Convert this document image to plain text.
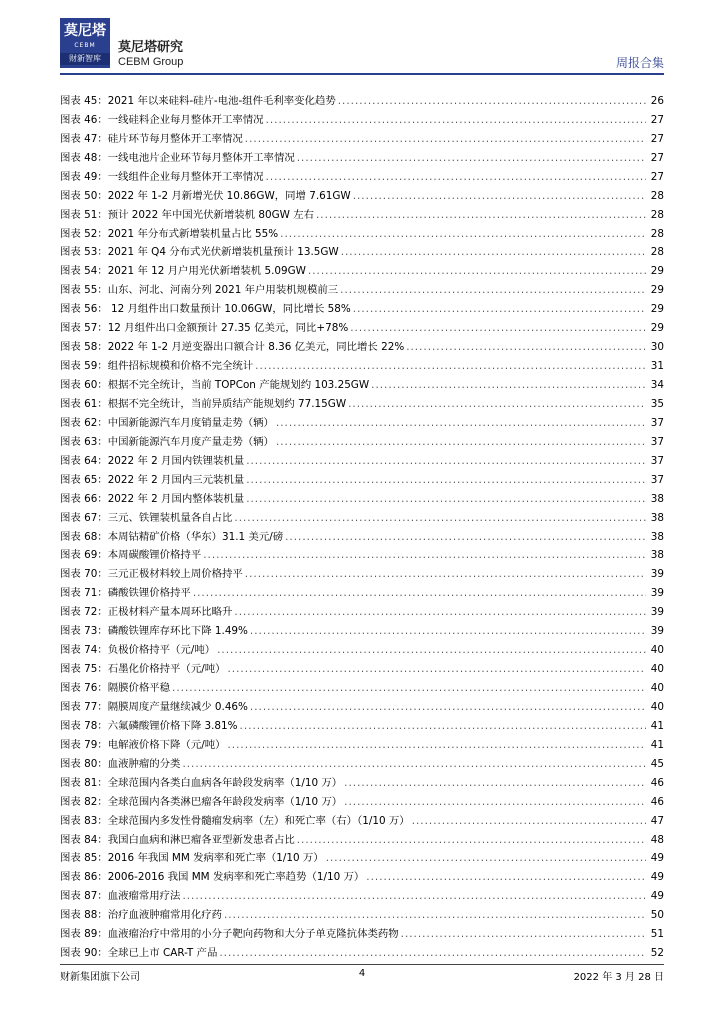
莫尼塔
CEBM
财新智库
莫尼塔研究
CEBM Group	周报合集
图表 45：2021 年以来硅料-硅片-电池-组件毛利率变化趋势 .....	26
图表 46：一线硅料企业每月整体开工率情况 .....	27
图表 47：硅片环节每月整体开工率情况 .....	27
图表 48：一线电池片企业环节每月整体开工率情况 .....	27
图表 49：一线组件企业每月整体开工率情况 .....	27
图表 50：2022 年 1-2 月新增光伏 10.86GW，同增 7.61GW .....	28
图表 51：预计 2022 年中国光伏新增装机 80GW 左右 .....	28
图表 52：2021 年分布式新增装机量占比 55% .....	28
图表 53：2021 年 Q4 分布式光伏新增装机量预计 13.5GW .....	28
图表 54：2021 年 12 月户用光伏新增装机 5.09GW .....	29
图表 55：山东、河北、河南分列 2021 年户用装机规模前三 .....	29
图表 56： 12 月组件出口数量预计 10.06GW，同比增长 58% .....	29
图表 57：12 月组件出口金额预计 27.35 亿美元，同比+78% .....	29
图表 58：2022 年 1-2 月逆变器出口额合计 8.36 亿美元，同比增长 22% .....	30
图表 59：组件招标规模和价格不完全统计 .....	31
图表 60：根据不完全统计，当前 TOPCon 产能规划约 103.25GW .....	34
图表 61：根据不完全统计，当前异质结产能规划约 77.15GW .....	35
图表 62：中国新能源汽车月度销量走势（辆） .....	37
图表 63：中国新能源汽车月度产量走势（辆） .....	37
图表 64：2022 年 2 月国内铁锂装机量 .....	37
图表 65：2022 年 2 月国内三元装机量 .....	37
图表 66：2022 年 2 月国内整体装机量 .....	38
图表 67：三元、铁锂装机量各自占比 .....	38
图表 68：本周钴精矿价格（华东）31.1 美元/磅 .....	38
图表 69：本周碳酸锂价格持平 .....	38
图表 70：三元正极材料较上周价格持平 .....	39
图表 71：磷酸铁锂价格持平 .....	39
图表 72：正极材料产量本周环比略升 .....	39
图表 73：磷酸铁锂库存环比下降 1.49% .....	39
图表 74：负极价格持平（元/吨） .....	40
图表 75：石墨化价格持平（元/吨） .....	40
图表 76：隔膜价格平稳 .....	40
图表 77：隔膜周度产量继续减少 0.46% .....	40
图表 78：六氟磷酸锂价格下降 3.81% .....	41
图表 79：电解液价格下降（元/吨） .....	41
图表 80：血液肿瘤的分类 .....	45
图表 81：全球范围内各类白血病各年龄段发病率（1/10 万） .....	46
图表 82：全球范围内各类淋巴瘤各年龄段发病率（1/10 万） .....	46
图表 83：全球范围内多发性骨髓瘤发病率（左）和死亡率（右）（1/10 万） .....	47
图表 84：我国白血病和淋巴瘤各亚型新发患者占比 .....	48
图表 85：2016 年我国 MM 发病率和死亡率（1/10 万） .....	49
图表 86：2006-2016 我国 MM 发病率和死亡率趋势（1/10 万） .....	49
图表 87：血液瘤常用疗法 .....	49
图表 88：治疗血液肿瘤常用化疗药 .....	50
图表 89：血液瘤治疗中常用的小分子靶向药物和大分子单克隆抗体类药物 .....	51
图表 90：全球已上市 CAR-T 产品 .....	52
财新集团旗下公司	4	2022 年 3 月 28 日
